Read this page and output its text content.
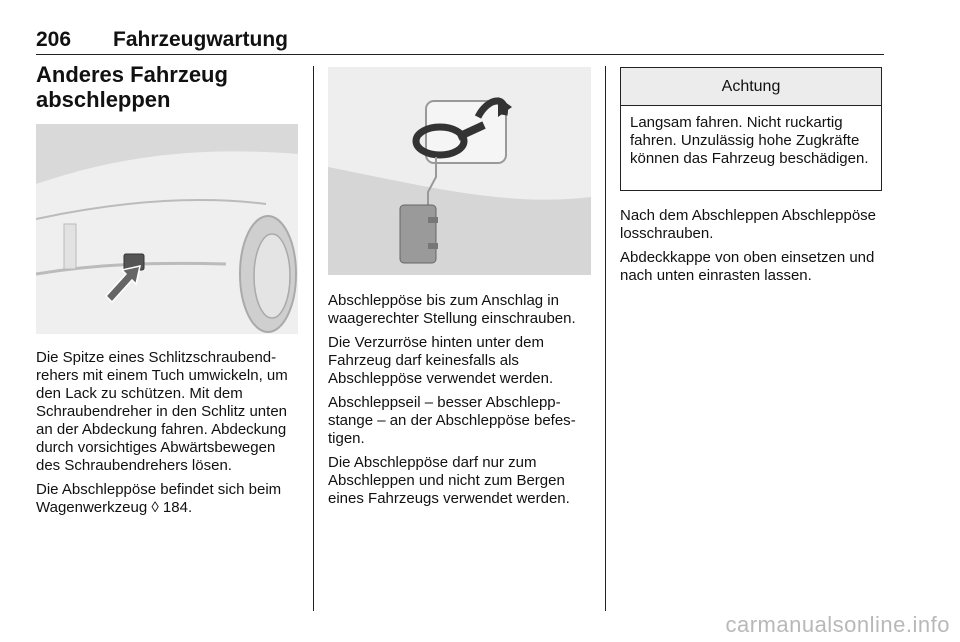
206 Fahrzeugwartung
Anderes Fahrzeug abschleppen

Die Spitze eines Schlitzschraubendrehers mit einem Tuch umwickeln, um den Lack zu schützen. Mit dem Schraubendreher in den Schlitz unten an der Abdeckung fahren. Abdeckung durch vorsichtiges Abwärtsbewegen des Schraubendrehers lösen.

Die Abschleppöse befindet sich beim Wagenwerkzeug ◊ 184.

Abschleppöse bis zum Anschlag in waagerechter Stellung einschrauben.

Die Verzurröse hinten unter dem Fahrzeug darf keinesfalls als Abschleppöse verwendet werden.

Abschleppseil – besser Abschleppstange – an der Abschleppöse befestigen.

Die Abschleppöse darf nur zum Abschleppen und nicht zum Bergen eines Fahrzeugs verwendet werden.

Achtung
Langsam fahren. Nicht ruckartig fahren. Unzulässig hohe Zugkräfte können das Fahrzeug beschädigen.

Nach dem Abschleppen Abschleppöse losschrauben.

Abdeckkappe von oben einsetzen und nach unten einrasten lassen.

carmanualsonline.info
